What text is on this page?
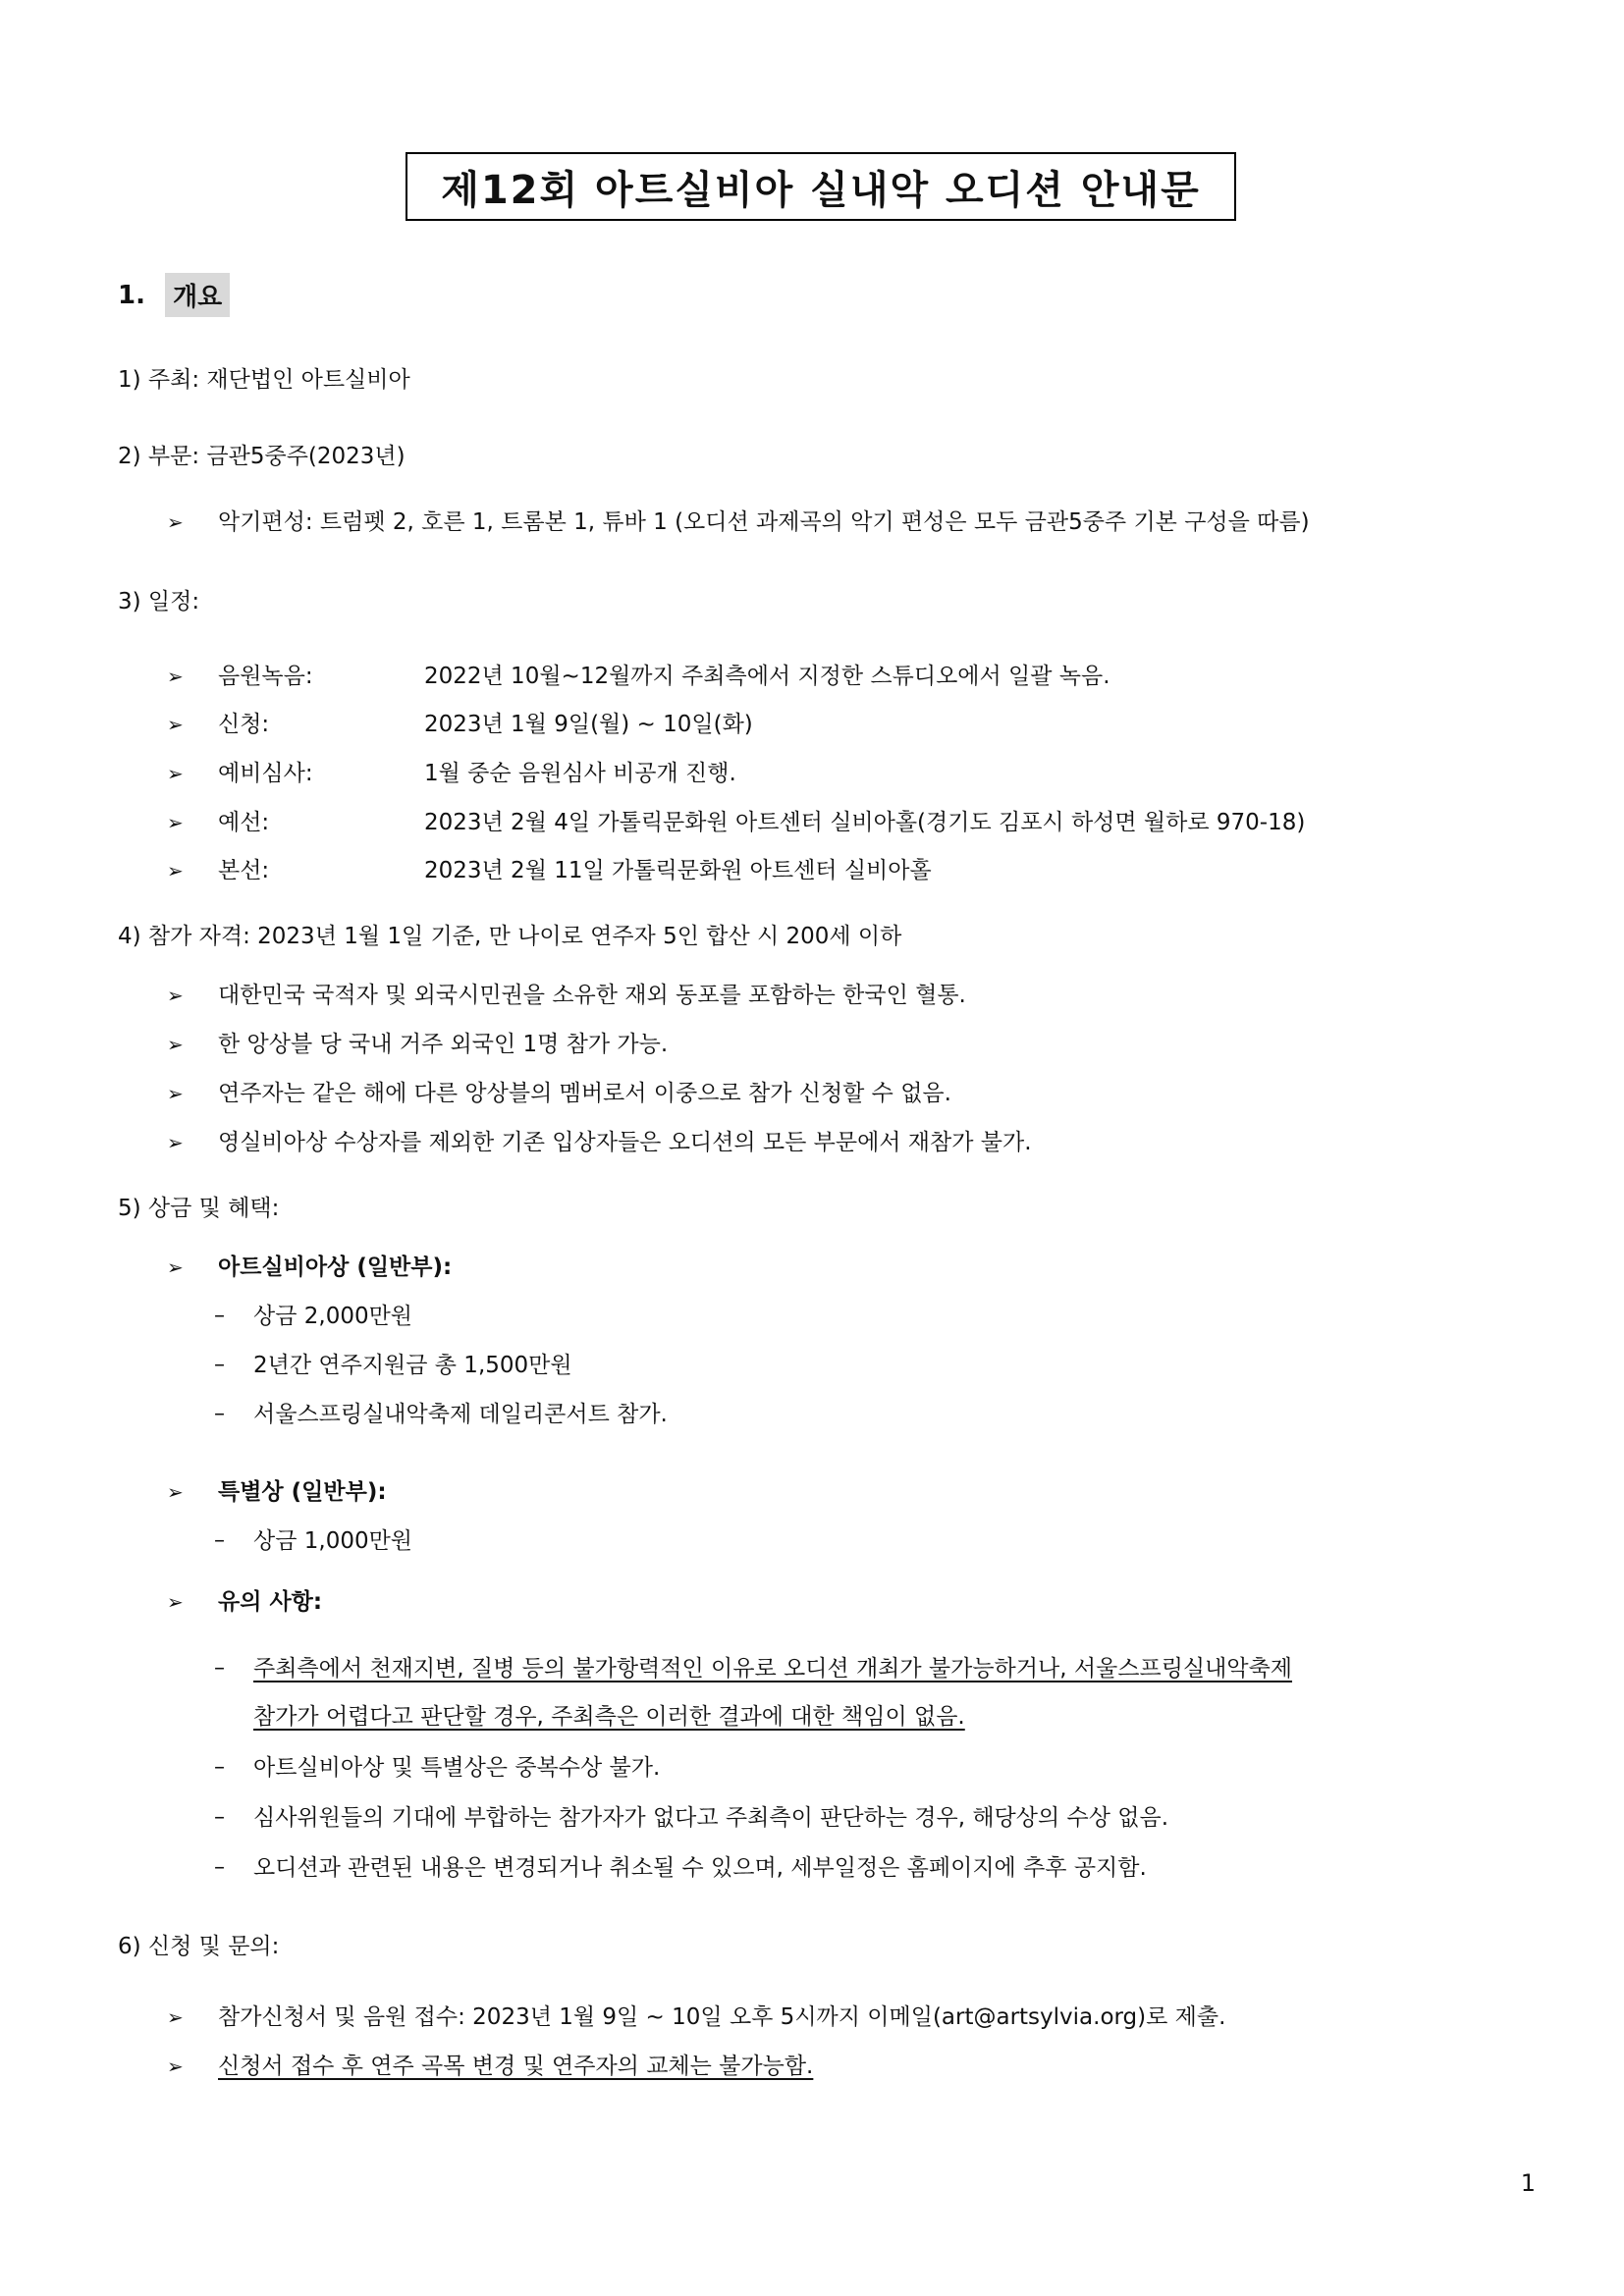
제12회 아트실비아 실내악 오디션 안내문
1.	개요
1) 주최: 재단법인 아트실비아
2) 부문: 금관5중주(2023년)
➢ 악기편성: 트럼펫 2, 호른 1, 트롬본 1, 튜바 1 (오디션 과제곡의 악기 편성은 모두 금관5중주 기본 구성을 따름)
3) 일정:
➢ 음원녹음:	2022년 10월~12월까지 주최측에서 지정한 스튜디오에서 일괄 녹음.
➢ 신청:	2023년 1월 9일(월) ~ 10일(화)
➢ 예비심사:	1월 중순 음원심사 비공개 진행.
➢ 예선:	2023년 2월 4일 가톨릭문화원 아트센터 실비아홀(경기도 김포시 하성면 월하로 970-18)
➢ 본선:	2023년 2월 11일 가톨릭문화원 아트센터 실비아홀
4) 참가 자격: 2023년 1월 1일 기준, 만 나이로 연주자 5인 합산 시 200세 이하
➢ 대한민국 국적자 및 외국시민권을 소유한 재외 동포를 포함하는 한국인 혈통.
➢ 한 앙상블 당 국내 거주 외국인 1명 참가 가능.
➢ 연주자는 같은 해에 다른 앙상블의 멤버로서 이중으로 참가 신청할 수 없음.
➢ 영실비아상 수상자를 제외한 기존 입상자들은 오디션의 모든 부문에서 재참가 불가.
5) 상금 및 혜택:
➢ 아트실비아상 (일반부):
– 상금 2,000만원
– 2년간 연주지원금 총 1,500만원
– 서울스프링실내악축제 데일리콘서트 참가.
➢ 특별상 (일반부):
– 상금 1,000만원
➢ 유의 사항:
– 주최측에서 천재지변, 질병 등의 불가항력적인 이유로 오디션 개최가 불가능하거나, 서울스프링실내악축제
참가가 어렵다고 판단할 경우, 주최측은 이러한 결과에 대한 책임이 없음.
– 아트실비아상 및 특별상은 중복수상 불가.
– 심사위원들의 기대에 부합하는 참가자가 없다고 주최측이 판단하는 경우, 해당상의 수상 없음.
– 오디션과 관련된 내용은 변경되거나 취소될 수 있으며, 세부일정은 홈페이지에 추후 공지함.
6) 신청 및 문의:
➢ 참가신청서 및 음원 접수: 2023년 1월 9일 ~ 10일 오후 5시까지 이메일(art@artsylvia.org)로 제출.
➢ 신청서 접수 후 연주 곡목 변경 및 연주자의 교체는 불가능함.
1
